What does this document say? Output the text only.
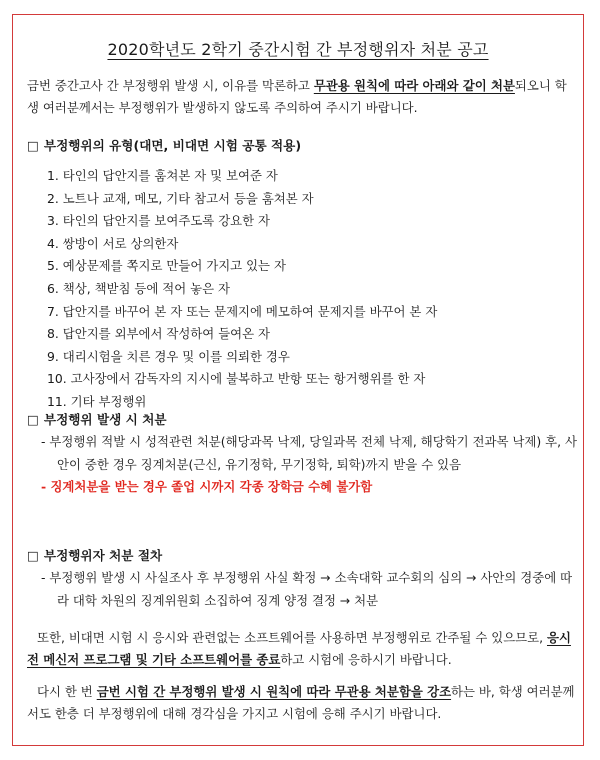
2020학년도 2학기 중간시험 간 부정행위자 처분 공고
금번 중간고사 간 부정행위 발생 시, 이유를 막론하고 무관용 원칙에 따라 아래와 같이 처분되오니 학생 여러분께서는 부정행위가 발생하지 않도록 주의하여 주시기 바랍니다.
□ 부정행위의 유형(대면, 비대면 시험 공통 적용)
1. 타인의 답안지를 훔쳐본 자 및 보여준 자
2. 노트나 교재, 메모, 기타 참고서 등을 훔쳐본 자
3. 타인의 답안지를 보여주도록 강요한 자
4. 쌍방이 서로 상의한자
5. 예상문제를 쪽지로 만들어 가지고 있는 자
6. 책상, 책받침 등에 적어 놓은 자
7. 답안지를 바꾸어 본 자 또는 문제지에 메모하여 문제지를 바꾸어 본 자
8. 답안지를 외부에서 작성하여 들여온 자
9. 대리시험을 치른 경우 및 이를 의뢰한 경우
10. 고사장에서 감독자의 지시에 불복하고 반항 또는 항거행위를 한 자
11. 기타 부정행위
□ 부정행위 발생 시 처분
- 부정행위 적발 시 성적관련 처분(해당과목 낙제, 당일과목 전체 낙제, 해당학기 전과목 낙제) 후, 사안이 중한 경우 징계처분(근신, 유기정학, 무기정학, 퇴학)까지 받을 수 있음
- 징계처분을 받는 경우 졸업 시까지 각종 장학금 수혜 불가함
□ 부정행위자 처분 절차
- 부정행위 발생 시 사실조사 후 부정행위 사실 확정 → 소속대학 교수회의 심의 → 사안의 경중에 따라 대학 차원의 징계위원회 소집하여 징계 양정 결정 → 처분
또한, 비대면 시험 시 응시와 관련없는 소프트웨어를 사용하면 부정행위로 간주될 수 있으므로, 응시 전 메신저 프로그램 및 기타 소프트웨어를 종료하고 시험에 응하시기 바랍니다.
다시 한 번 금번 시험 간 부정행위 발생 시 원칙에 따라 무관용 처분함을 강조하는 바, 학생 여러분께서도 한층 더 부정행위에 대해 경각심을 가지고 시험에 응해 주시기 바랍니다.
